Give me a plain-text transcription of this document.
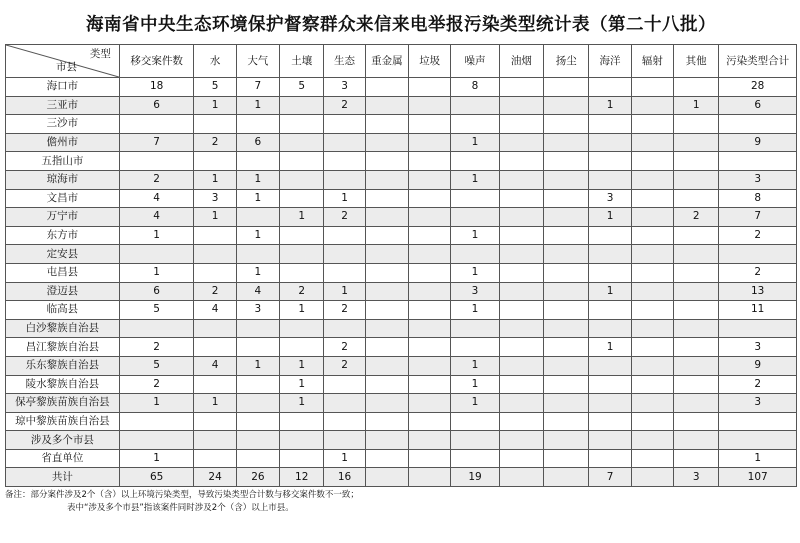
海南省中央生态环境保护督察群众来信来电举报污染类型统计表（第二十八批）
类型
市县	移交案件数	水	大气	土壤	生态	重金属	垃圾	噪声	油烟	扬尘	海洋	辐射	其他	污染类型合计
海口市	18	5	7	5	3			8						28
三亚市	6	1	1		2						1		1	6
三沙市														
儋州市	7	2	6					1						9
五指山市														
琼海市	2	1	1					1						3
文昌市	4	3	1		1						3			8
万宁市	4	1		1	2						1		2	7
东方市	1		1					1						2
定安县														
屯昌县	1		1					1						2
澄迈县	6	2	4	2	1			3			1			13
临高县	5	4	3	1	2			1						11
白沙黎族自治县														
昌江黎族自治县	2				2						1			3
乐东黎族自治县	5	4	1	1	2			1						9
陵水黎族自治县	2			1				1						2
保亭黎族苗族自治县	1	1		1				1						3
琼中黎族苗族自治县														
涉及多个市县														
省直单位	1				1									1
共计	65	24	26	12	16			19			7		3	107
备注：部分案件涉及2个（含）以上环境污染类型，导致污染类型合计数与移交案件数不一致；
表中“涉及多个市县”指该案件同时涉及2个（含）以上市县。
